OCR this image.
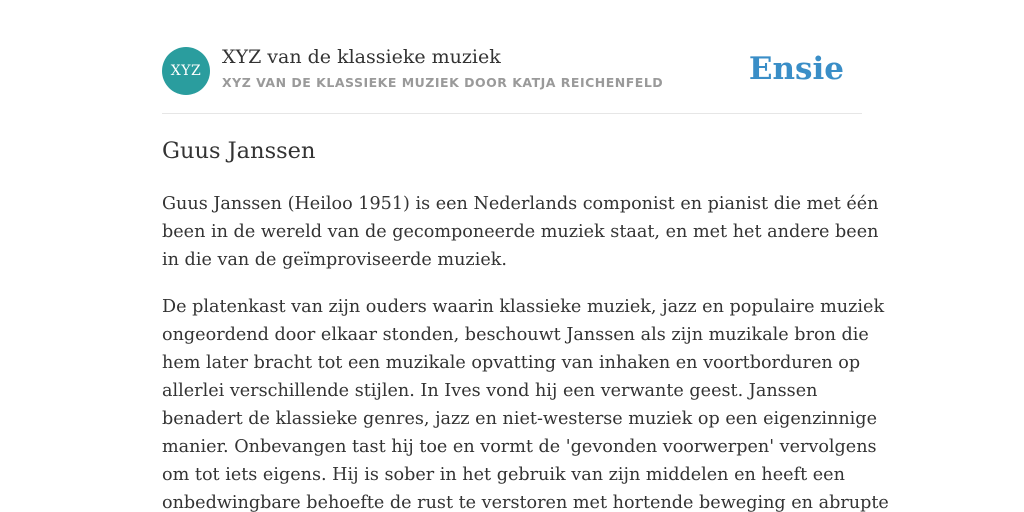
XYZ
XYZ van de klassieke muziek
XYZ VAN DE KLASSIEKE MUZIEK DOOR KATJA REICHENFELD	Ensie
Guus Janssen

Guus Janssen (Heiloo 1951) is een Nederlands componist en pianist die met één
been in de wereld van de gecomponeerde muziek staat, en met het andere been
in die van de geïmproviseerde muziek.

De platenkast van zijn ouders waarin klassieke muziek, jazz en populaire muziek
ongeordend door elkaar stonden, beschouwt Janssen als zijn muzikale bron die
hem later bracht tot een muzikale opvatting van inhaken en voortborduren op
allerlei verschillende stijlen. In Ives vond hij een verwante geest. Janssen
benadert de klassieke genres, jazz en niet-westerse muziek op een eigenzinnige
manier. Onbevangen tast hij toe en vormt de 'gevonden voorwerpen' vervolgens
om tot iets eigens. Hij is sober in het gebruik van zijn middelen en heeft een
onbedwingbare behoefte de rust te verstoren met hortende beweging en abrupte
